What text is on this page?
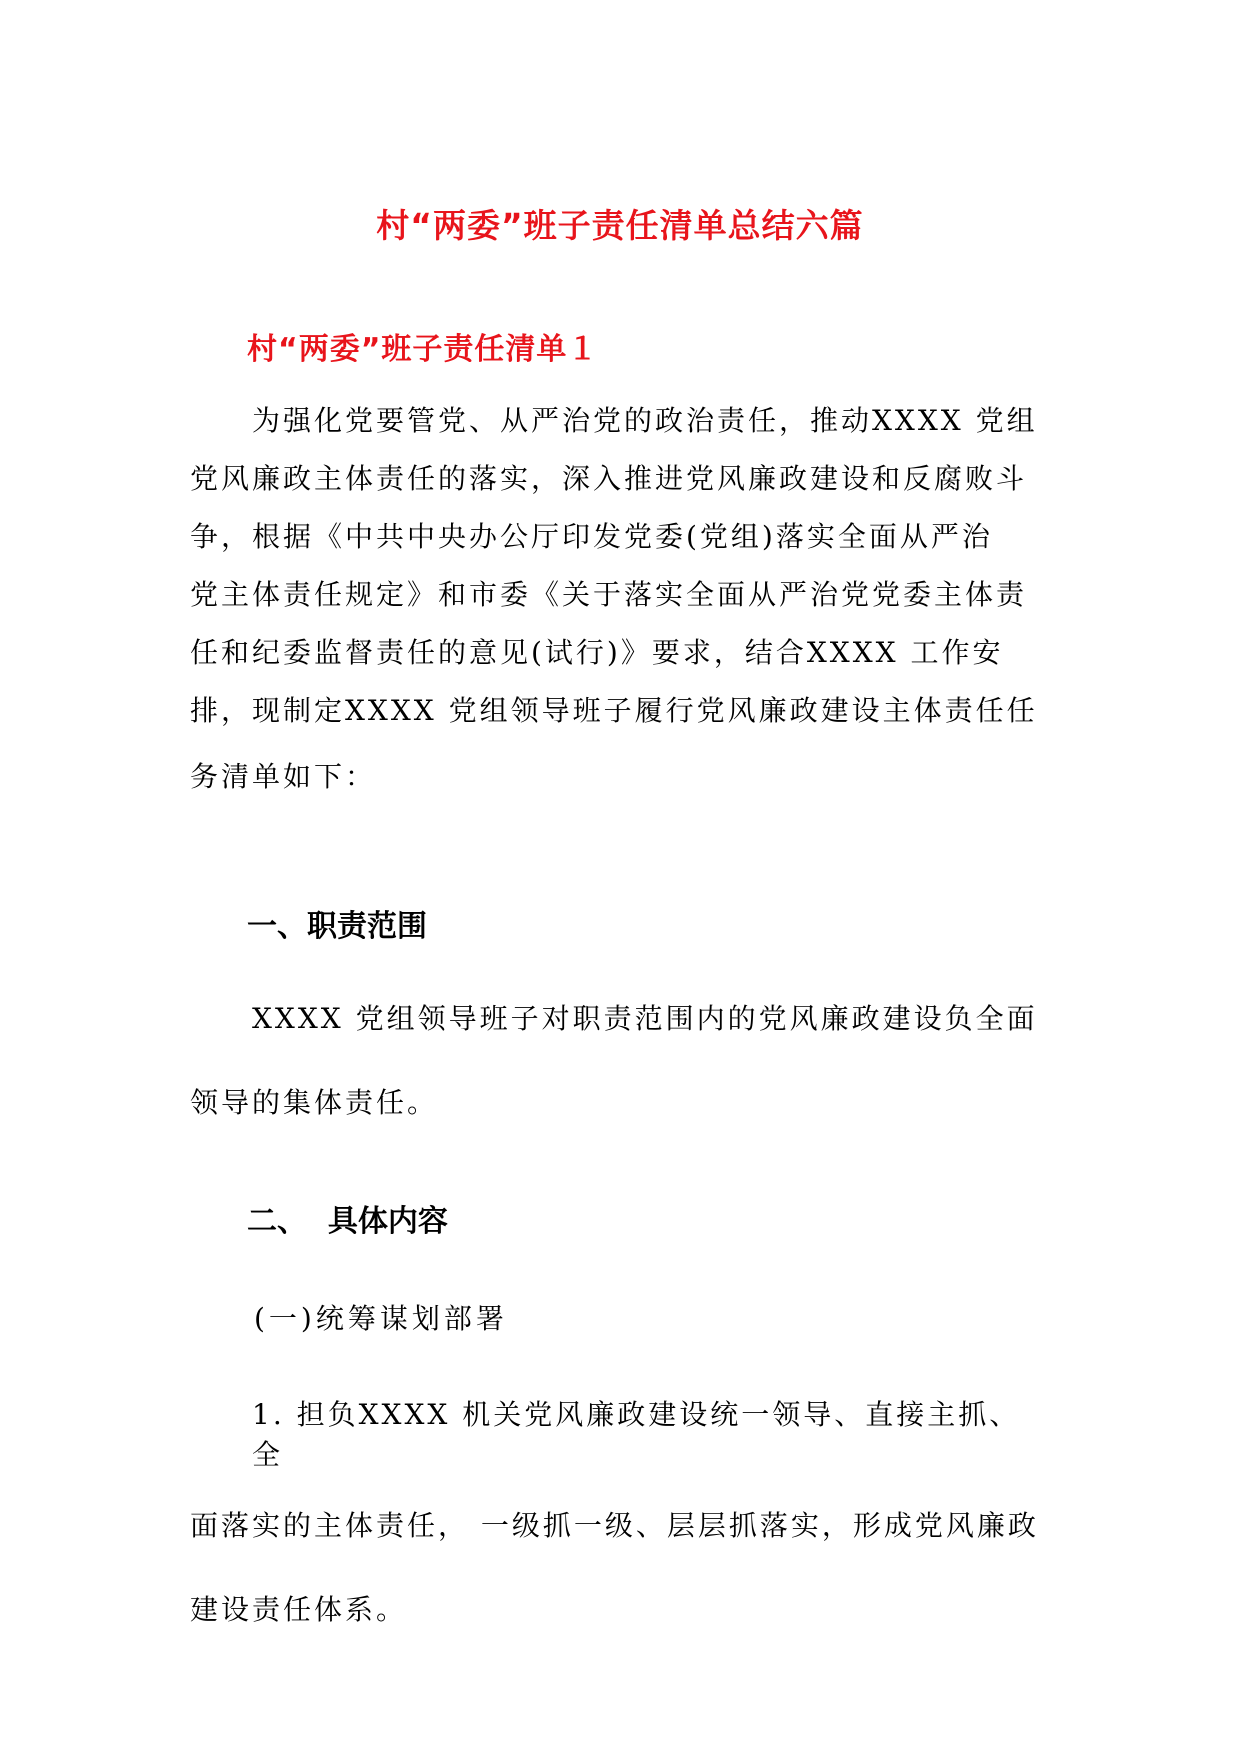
村“两委”班子责任清单总结六篇
村“两委”班子责任清单１
为强化党要管党、从严治党的政治责任，推动XXXX 党组
党风廉政主体责任的落实，深入推进党风廉政建设和反腐败斗
争，根据《中共中央办公厅印发党委(党组)落实全面从严治
党主体责任规定》和市委《关于落实全面从严治党党委主体责
任和纪委监督责任的意见(试行)》要求，结合XXXX 工作安
排，现制定XXXX 党组领导班子履行党风廉政建设主体责任任
务清单如下：
一、职责范围
XXXX 党组领导班子对职责范围内的党风廉政建设负全面
领导的集体责任。
二、  具体内容
(一)统筹谋划部署
1. 担负XXXX 机关党风廉政建设统一领导、直接主抓、
全
面落实的主体责任， 一级抓一级、层层抓落实，形成党风廉政
建设责任体系。
